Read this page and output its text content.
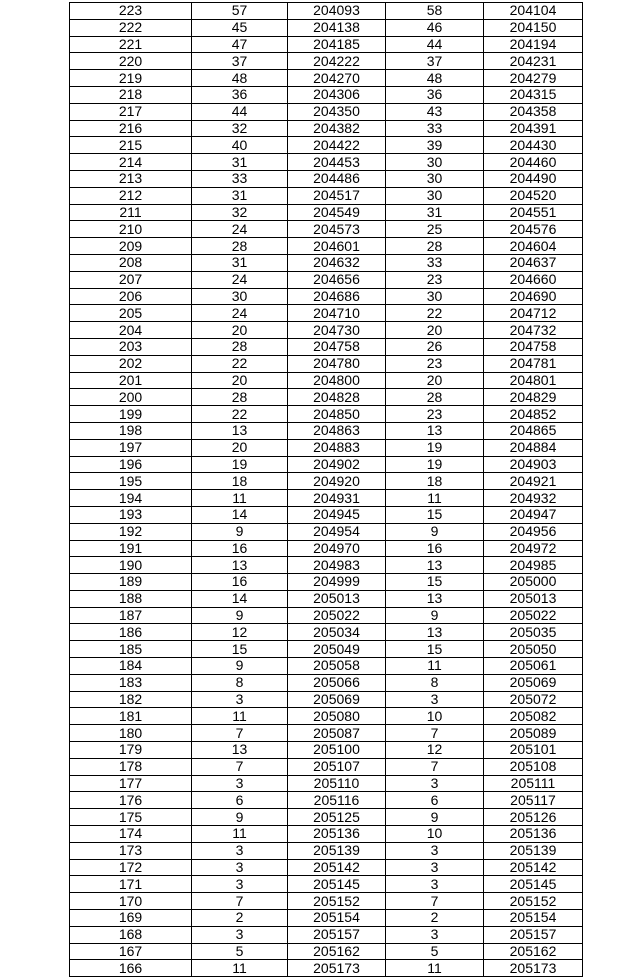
223	57	204093	58	204104
222	45	204138	46	204150
221	47	204185	44	204194
220	37	204222	37	204231
219	48	204270	48	204279
218	36	204306	36	204315
217	44	204350	43	204358
216	32	204382	33	204391
215	40	204422	39	204430
214	31	204453	30	204460
213	33	204486	30	204490
212	31	204517	30	204520
211	32	204549	31	204551
210	24	204573	25	204576
209	28	204601	28	204604
208	31	204632	33	204637
207	24	204656	23	204660
206	30	204686	30	204690
205	24	204710	22	204712
204	20	204730	20	204732
203	28	204758	26	204758
202	22	204780	23	204781
201	20	204800	20	204801
200	28	204828	28	204829
199	22	204850	23	204852
198	13	204863	13	204865
197	20	204883	19	204884
196	19	204902	19	204903
195	18	204920	18	204921
194	11	204931	11	204932
193	14	204945	15	204947
192	9	204954	9	204956
191	16	204970	16	204972
190	13	204983	13	204985
189	16	204999	15	205000
188	14	205013	13	205013
187	9	205022	9	205022
186	12	205034	13	205035
185	15	205049	15	205050
184	9	205058	11	205061
183	8	205066	8	205069
182	3	205069	3	205072
181	11	205080	10	205082
180	7	205087	7	205089
179	13	205100	12	205101
178	7	205107	7	205108
177	3	205110	3	205111
176	6	205116	6	205117
175	9	205125	9	205126
174	11	205136	10	205136
173	3	205139	3	205139
172	3	205142	3	205142
171	3	205145	3	205145
170	7	205152	7	205152
169	2	205154	2	205154
168	3	205157	3	205157
167	5	205162	5	205162
166	11	205173	11	205173
